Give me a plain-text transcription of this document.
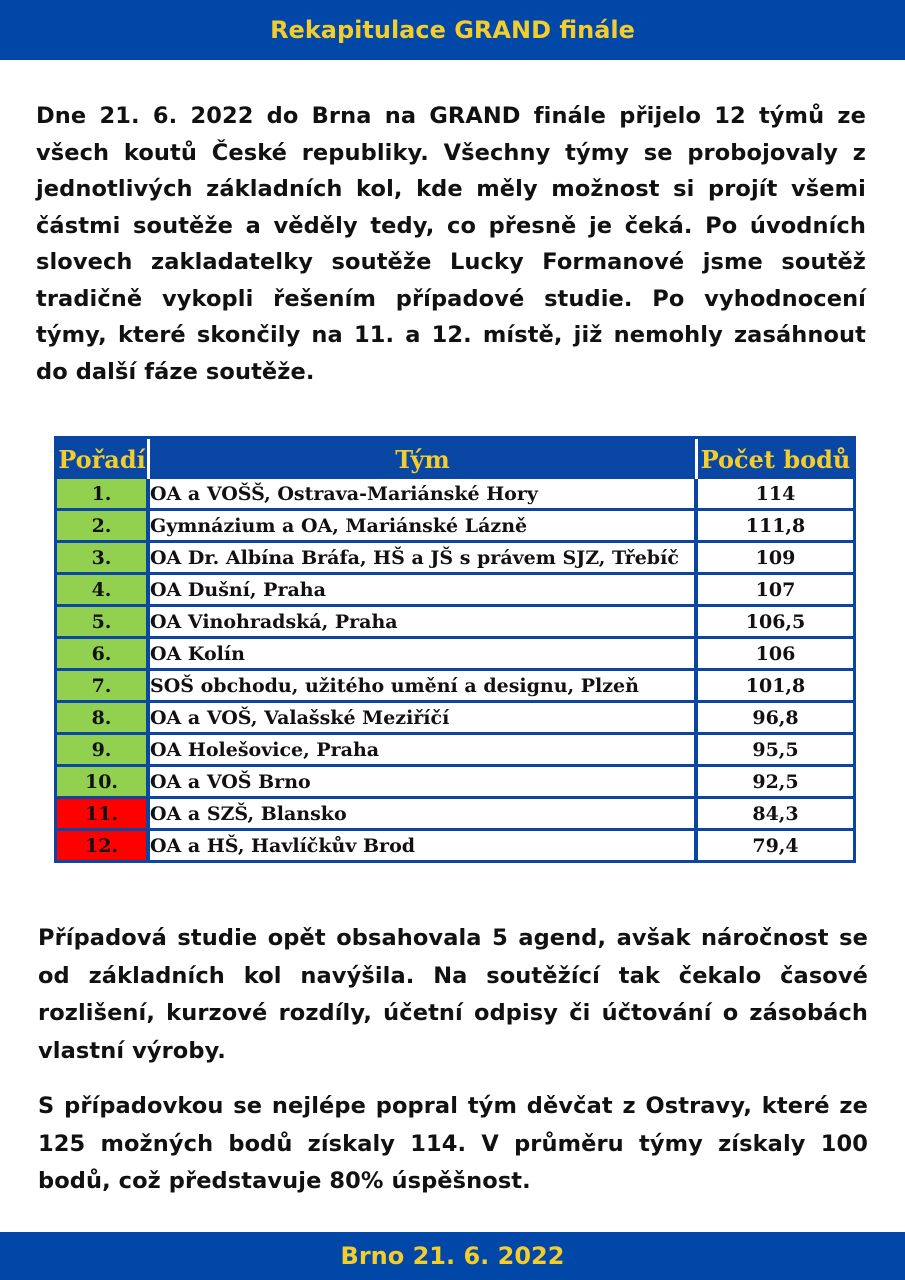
Rekapitulace GRAND finále

Dne 21. 6. 2022 do Brna na GRAND finále přijelo 12 týmů ze všech koutů České republiky. Všechny týmy se probojovaly z jednotlivých základních kol, kde měly možnost si projít všemi částmi soutěže a věděly tedy, co přesně je čeká. Po úvodních slovech zakladatelky soutěže Lucky Formanové jsme soutěž tradičně vykopli řešením případové studie. Po vyhodnocení týmy, které skončily na 11. a 12. místě, již nemohly zasáhnout do další fáze soutěže.

Pořadí	Tým	Počet bodů
1.	OA a VOŠŠ, Ostrava-Mariánské Hory	114
2.	Gymnázium a OA, Mariánské Lázně	111,8
3.	OA Dr. Albína Bráfa, HŠ a JŠ s právem SJZ, Třebíč	109
4.	OA Dušní, Praha	107
5.	OA Vinohradská, Praha	106,5
6.	OA Kolín	106
7.	SOŠ obchodu, užitého umění a designu, Plzeň	101,8
8.	OA a VOŠ, Valašské Meziříčí	96,8
9.	OA Holešovice, Praha	95,5
10.	OA a VOŠ Brno	92,5
11.	OA a SZŠ, Blansko	84,3
12.	OA a HŠ, Havlíčkův Brod	79,4

Případová studie opět obsahovala 5 agend, avšak náročnost se od základních kol navýšila. Na soutěžící tak čekalo časové rozlišení, kurzové rozdíly, účetní odpisy či účtování o zásobách vlastní výroby.

S případovkou se nejlépe popral tým děvčat z Ostravy, které ze 125 možných bodů získaly 114. V průměru týmy získaly 100 bodů, což představuje 80% úspěšnost.

Brno 21. 6. 2022
